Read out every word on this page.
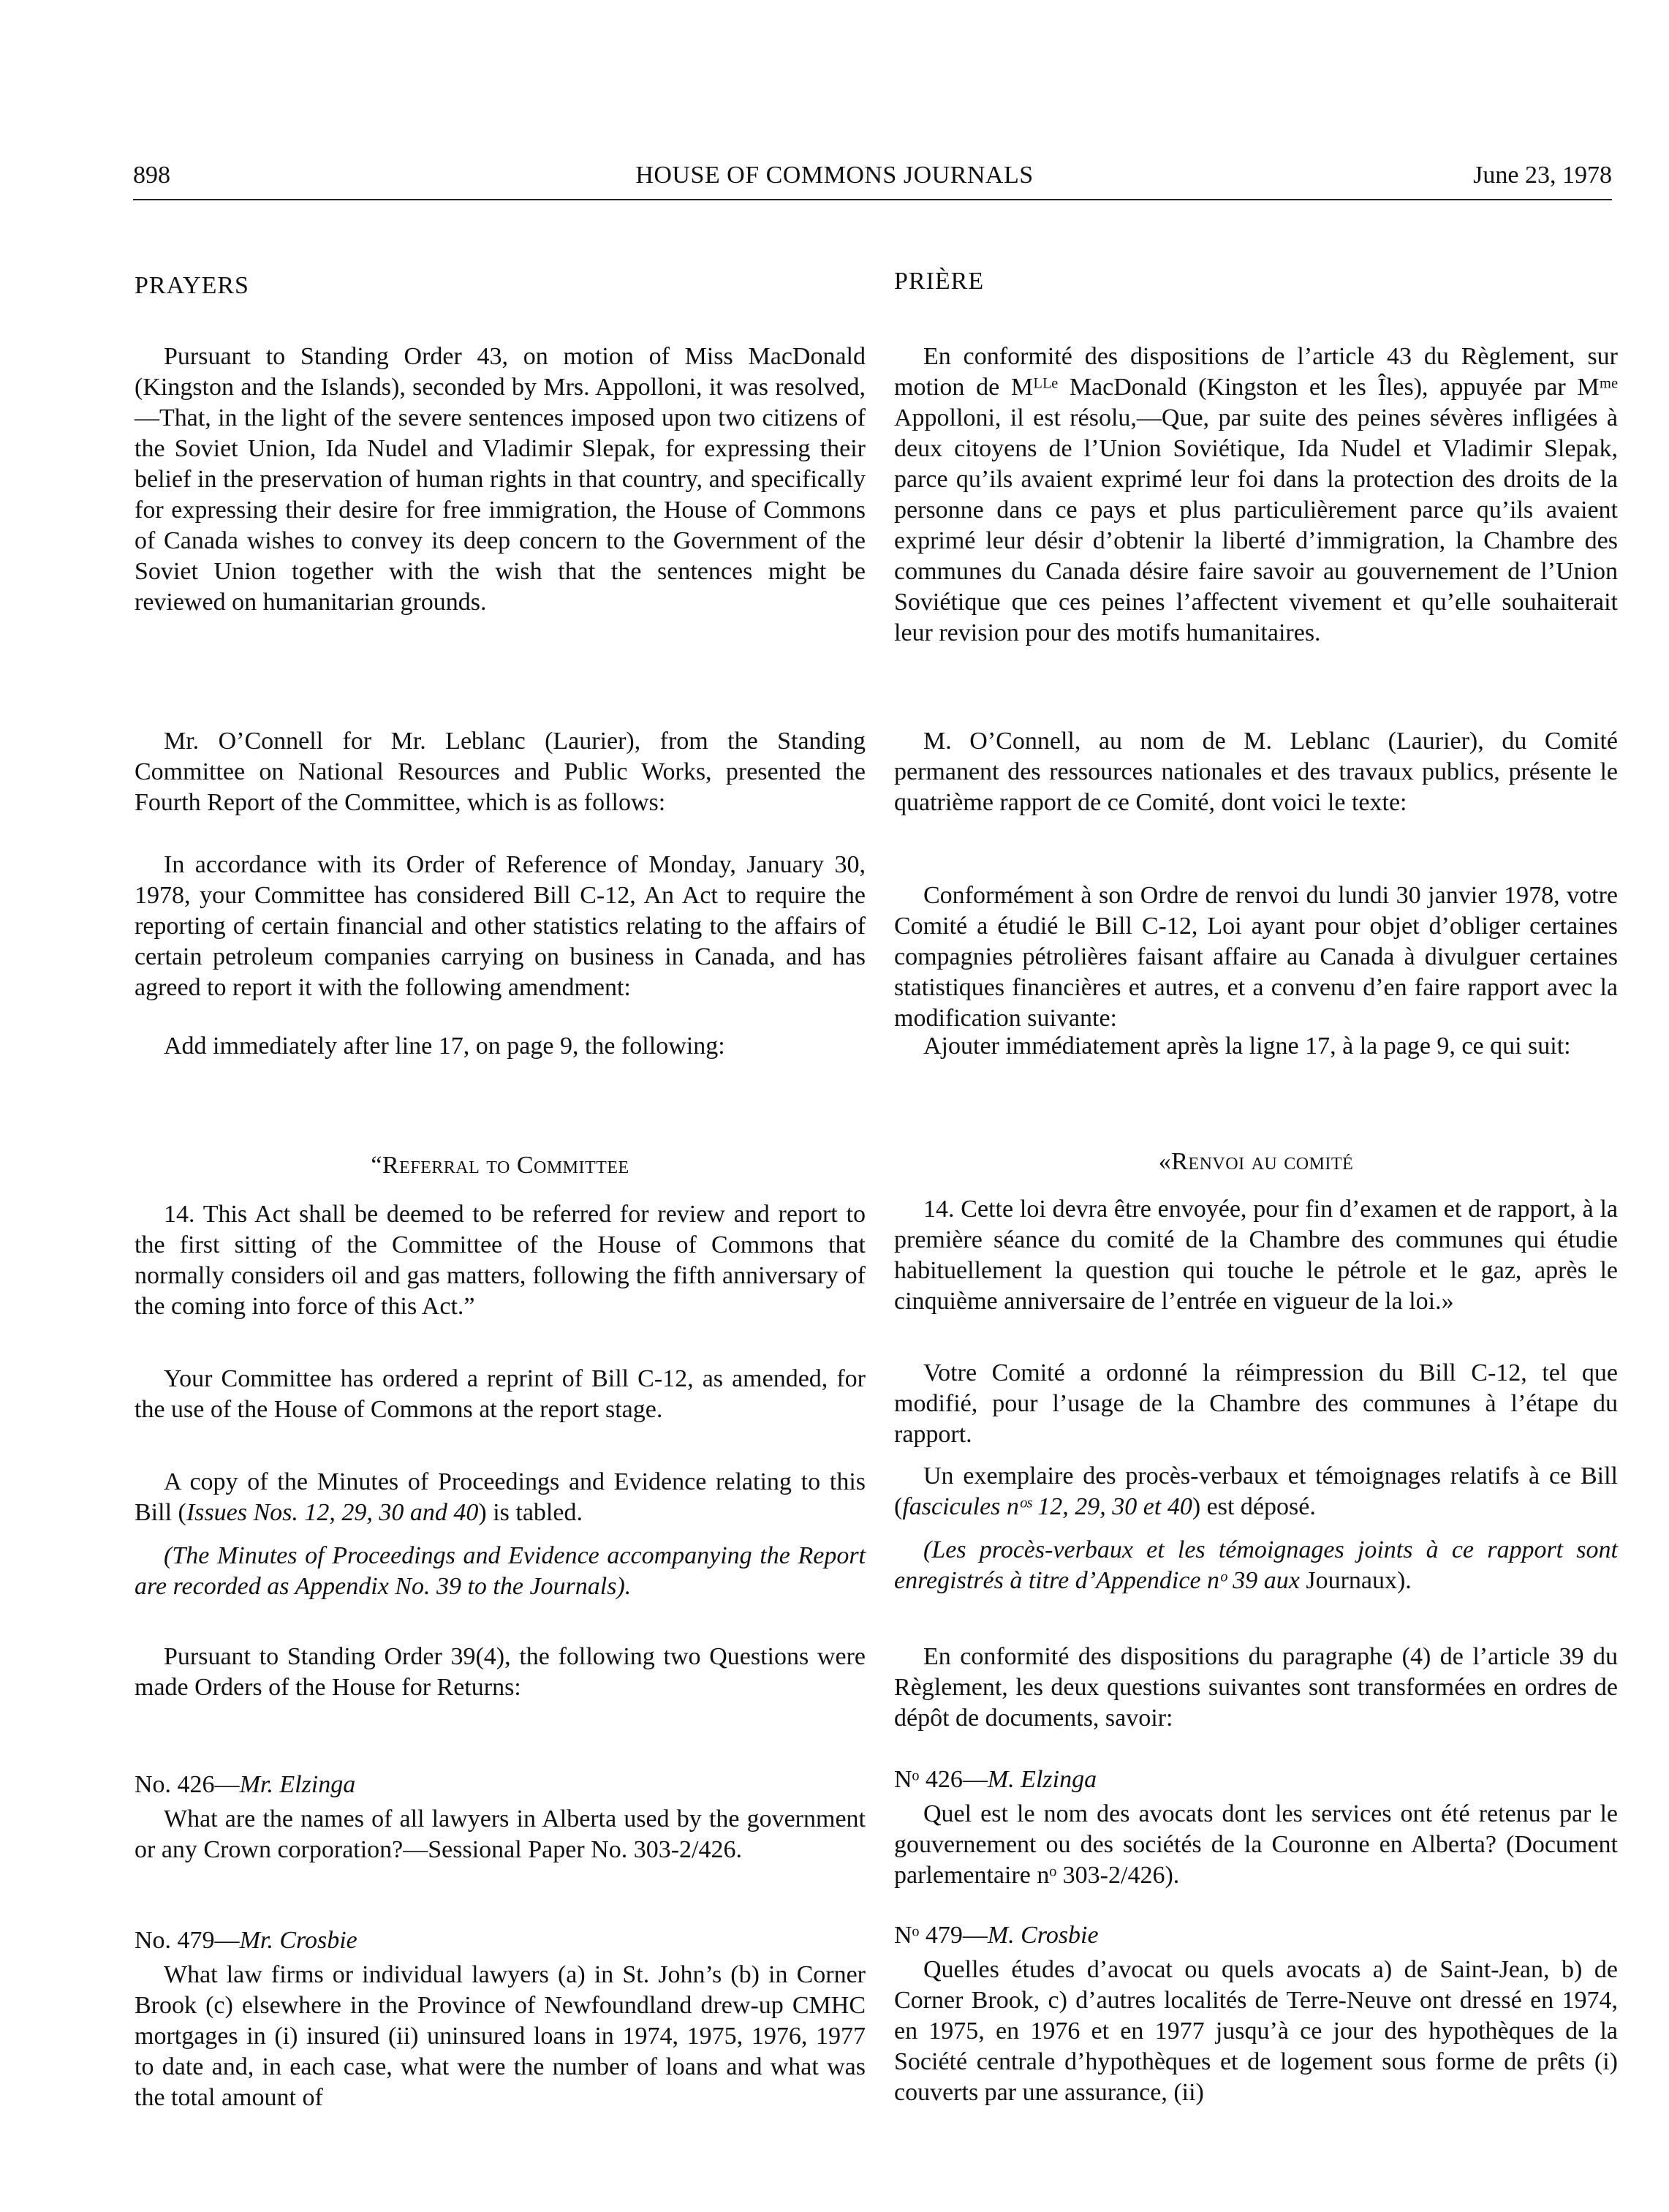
898	HOUSE OF COMMONS JOURNALS	June 23, 1978
PRAYERS

Pursuant to Standing Order 43, on motion of Miss MacDonald (Kingston and the Islands), seconded by Mrs. Appolloni, it was resolved,—That, in the light of the severe sentences imposed upon two citizens of the Soviet Union, Ida Nudel and Vladimir Slepak, for expressing their belief in the preservation of human rights in that country, and specifically for expressing their desire for free immigration, the House of Commons of Canada wishes to convey its deep concern to the Government of the Soviet Union together with the wish that the sentences might be reviewed on humanitarian grounds.

Mr. O’Connell for Mr. Leblanc (Laurier), from the Standing Committee on National Resources and Public Works, presented the Fourth Report of the Committee, which is as follows:

In accordance with its Order of Reference of Monday, January 30, 1978, your Committee has considered Bill C-12, An Act to require the reporting of certain financial and other statistics relating to the affairs of certain petroleum companies carrying on business in Canada, and has agreed to report it with the following amendment:

Add immediately after line 17, on page 9, the following:

“Referral to Committee

14. This Act shall be deemed to be referred for review and report to the first sitting of the Committee of the House of Commons that normally considers oil and gas matters, following the fifth anniversary of the coming into force of this Act.”

Your Committee has ordered a reprint of Bill C-12, as amended, for the use of the House of Commons at the report stage.

A copy of the Minutes of Proceedings and Evidence relating to this Bill (Issues Nos. 12, 29, 30 and 40) is tabled.

(The Minutes of Proceedings and Evidence accompanying the Report are recorded as Appendix No. 39 to the Journals).

Pursuant to Standing Order 39(4), the following two Questions were made Orders of the House for Returns:

No. 426—Mr. Elzinga

What are the names of all lawyers in Alberta used by the government or any Crown corporation?—Sessional Paper No. 303-2/426.

No. 479—Mr. Crosbie

What law firms or individual lawyers (a) in St. John’s (b) in Corner Brook (c) elsewhere in the Province of Newfoundland drew-up CMHC mortgages in (i) insured (ii) uninsured loans in 1974, 1975, 1976, 1977 to date and, in each case, what were the number of loans and what was the total amount of

PRIÈRE

En conformité des dispositions de l’article 43 du Règlement, sur motion de Mᴸᴸᵉ MacDonald (Kingston et les Îles), appuyée par Mᵐᵉ Appolloni, il est résolu,—Que, par suite des peines sévères infligées à deux citoyens de l’Union Soviétique, Ida Nudel et Vladimir Slepak, parce qu’ils avaient exprimé leur foi dans la protection des droits de la personne dans ce pays et plus particulièrement parce qu’ils avaient exprimé leur désir d’obtenir la liberté d’immigration, la Chambre des communes du Canada désire faire savoir au gouvernement de l’Union Soviétique que ces peines l’affectent vivement et qu’elle souhaiterait leur revision pour des motifs humanitaires.

M. O’Connell, au nom de M. Leblanc (Laurier), du Comité permanent des ressources nationales et des travaux publics, présente le quatrième rapport de ce Comité, dont voici le texte:

Conformément à son Ordre de renvoi du lundi 30 janvier 1978, votre Comité a étudié le Bill C-12, Loi ayant pour objet d’obliger certaines compagnies pétrolières faisant affaire au Canada à divulguer certaines statistiques financières et autres, et a convenu d’en faire rapport avec la modification suivante:

Ajouter immédiatement après la ligne 17, à la page 9, ce qui suit:

«Renvoi au comité

14. Cette loi devra être envoyée, pour fin d’examen et de rapport, à la première séance du comité de la Chambre des communes qui étudie habituellement la question qui touche le pétrole et le gaz, après le cinquième anniversaire de l’entrée en vigueur de la loi.»

Votre Comité a ordonné la réimpression du Bill C-12, tel que modifié, pour l’usage de la Chambre des communes à l’étape du rapport.

Un exemplaire des procès-verbaux et témoignages relatifs à ce Bill (fascicules nᵒˢ 12, 29, 30 et 40) est déposé.

(Les procès-verbaux et les témoignages joints à ce rapport sont enregistrés à titre d’Appendice nᵒ 39 aux Journaux).

En conformité des dispositions du paragraphe (4) de l’article 39 du Règlement, les deux questions suivantes sont transformées en ordres de dépôt de documents, savoir:

Nᵒ 426—M. Elzinga

Quel est le nom des avocats dont les services ont été retenus par le gouvernement ou des sociétés de la Couronne en Alberta? (Document parlementaire nᵒ 303-2/426).

Nᵒ 479—M. Crosbie

Quelles études d’avocat ou quels avocats a) de Saint-Jean, b) de Corner Brook, c) d’autres localités de Terre-Neuve ont dressé en 1974, en 1975, en 1976 et en 1977 jusqu’à ce jour des hypothèques de la Société centrale d’hypothèques et de logement sous forme de prêts (i) couverts par une assurance, (ii)
